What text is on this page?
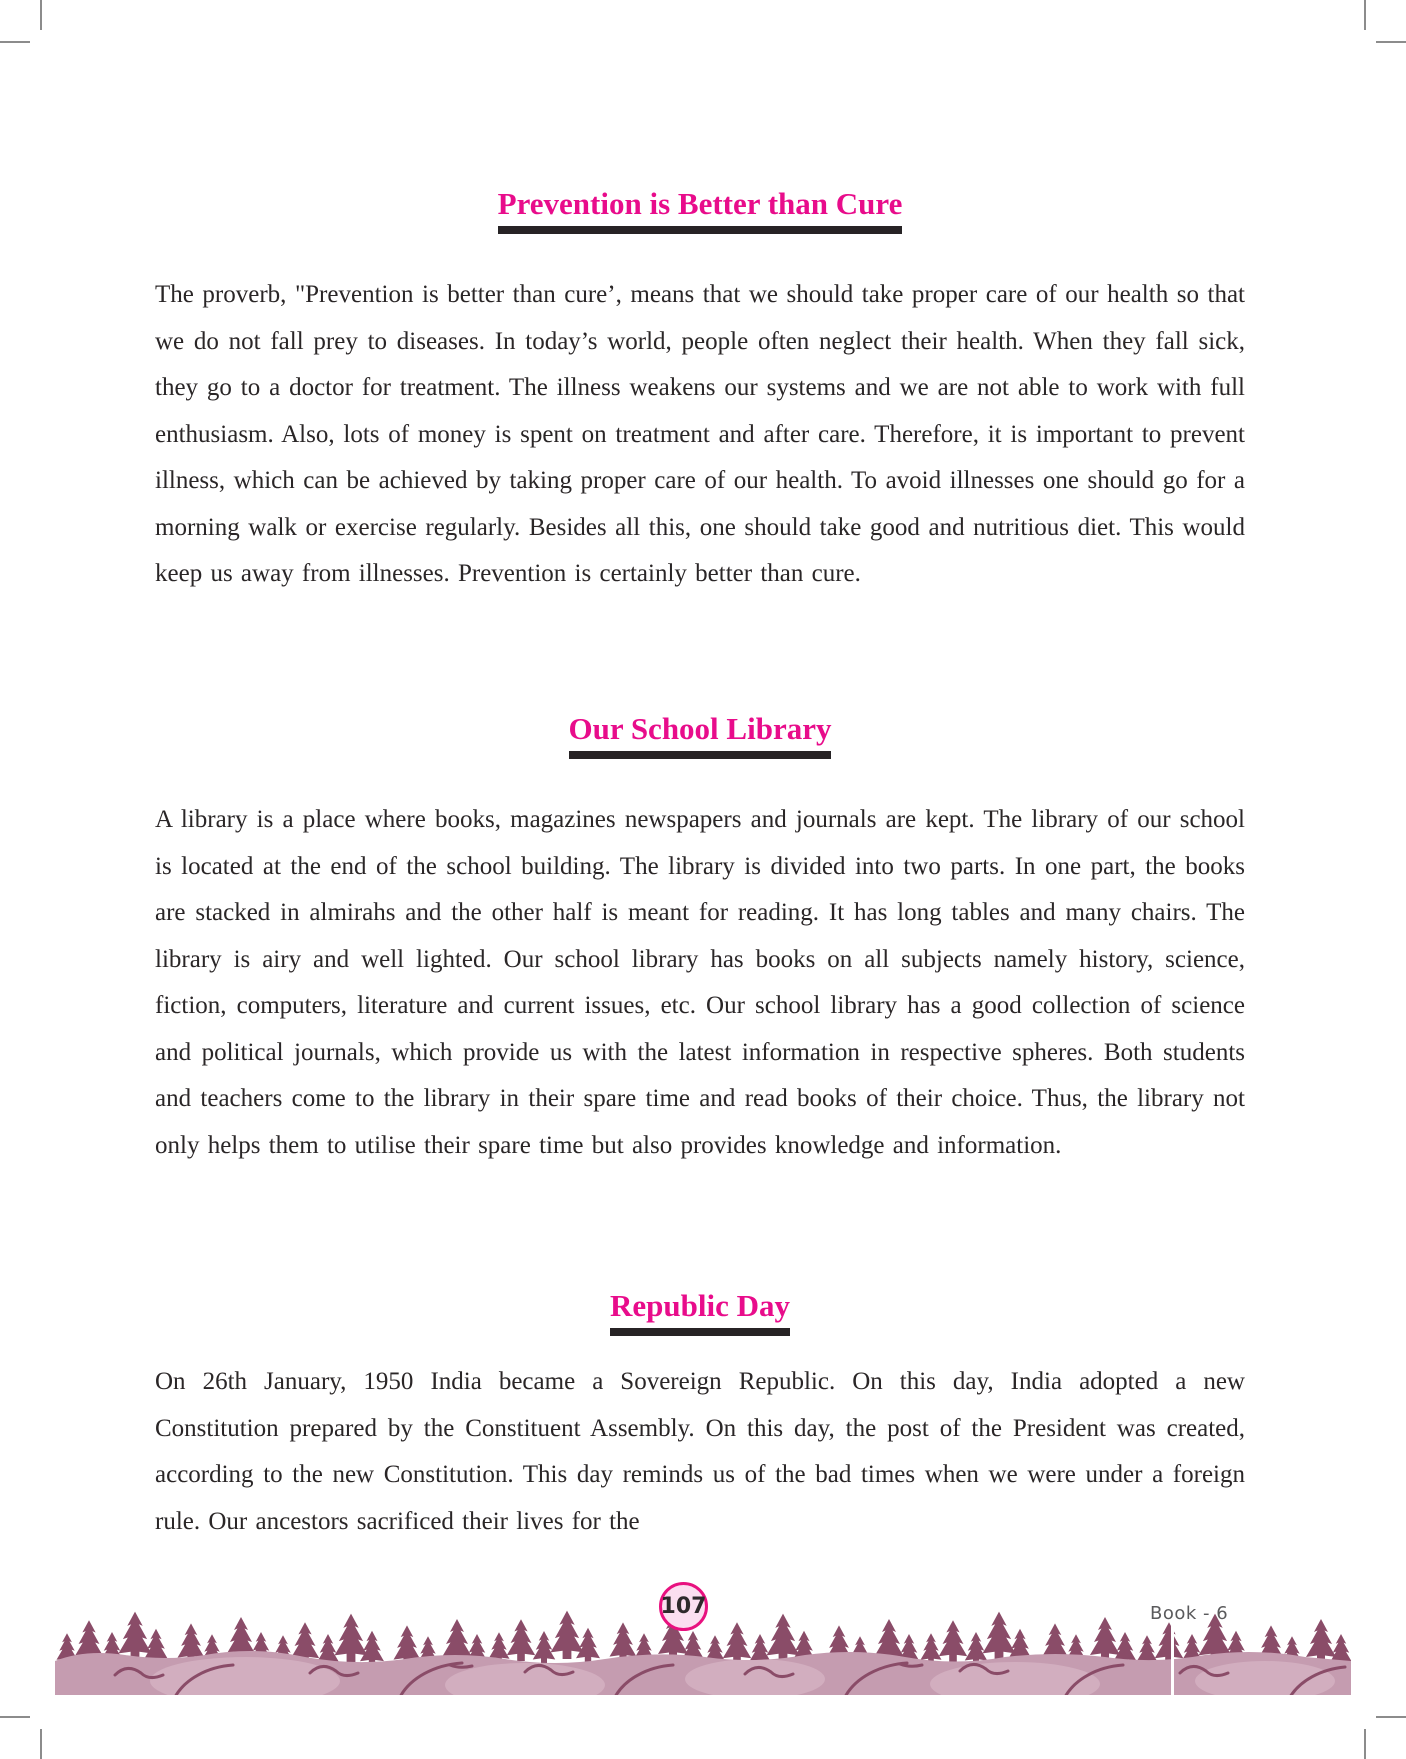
Prevention is Better than Cure

The proverb, "Prevention is better than cure’, means that we should take proper care of our health so that we do not fall prey to diseases. In today’s world, people often neglect their health. When they fall sick, they go to a doctor for treatment. The illness weakens our systems and we are not able to work with full enthusiasm. Also, lots of money is spent on treatment and after care. Therefore, it is important to prevent illness, which can be achieved by taking proper care of our health. To avoid illnesses one should go for a morning walk or exercise regularly. Besides all this, one should take good and nutritious diet. This would keep us away from illnesses. Prevention is certainly better than cure.

Our School Library

A library is a place where books, magazines newspapers and journals are kept. The library of our school is located at the end of the school building. The library is divided into two parts. In one part, the books are stacked in almirahs and the other half is meant for reading. It has long tables and many chairs. The library is airy and well lighted. Our school library has books on all subjects namely history, science, fiction, computers, literature and current issues, etc. Our school library has a good collection of science and political journals, which provide us with the latest information in respective spheres. Both students and teachers come to the library in their spare time and read books of their choice. Thus, the library not only helps them to utilise their spare time but also provides knowledge and information.

Republic Day

On 26th January, 1950 India became a Sovereign Republic. On this day, India adopted a new Constitution prepared by the Constituent Assembly. On this day, the post of the President was created, according to the new Constitution. This day reminds us of the bad times when we were under a foreign rule. Our ancestors sacrificed their lives for the

107	Book - 6
